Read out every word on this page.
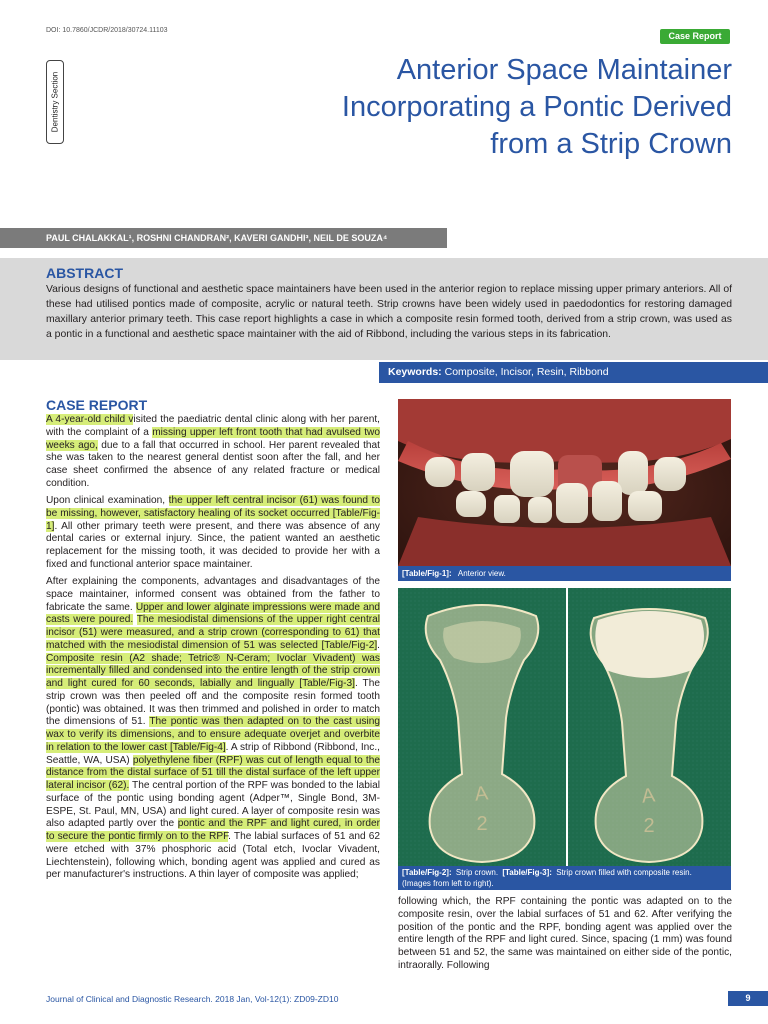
DOI: 10.7860/JCDR/2018/30724.11103
Case Report
Dentistry Section
Anterior Space Maintainer
Incorporating a Pontic Derived
from a Strip Crown
PAUL CHALAKKAL¹, ROSHNI CHANDRAN², KAVERI GANDHI³, NEIL DE SOUZA⁴
ABSTRACT
Various designs of functional and aesthetic space maintainers have been used in the anterior region to replace missing upper primary anteriors. All of these had utilised pontics made of composite, acrylic or natural teeth. Strip crowns have been widely used in paedodontics for restoring damaged maxillary anterior primary teeth. This case report highlights a case in which a composite resin formed tooth, derived from a strip crown, was used as a pontic in a functional and aesthetic space maintainer with the aid of Ribbond, including the various steps in its fabrication.
Keywords: Composite, Incisor, Resin, Ribbond
CASE REPORT

A 4-year-old child visited the paediatric dental clinic along with her parent, with the complaint of a missing upper left front tooth that had avulsed two weeks ago, due to a fall that occurred in school. Her parent revealed that she was taken to the nearest general dentist soon after the fall, and her case sheet confirmed the absence of any related fracture or medical condition.

Upon clinical examination, the upper left central incisor (61) was found to be missing, however, satisfactory healing of its socket occurred [Table/Fig-1]. All other primary teeth were present, and there was absence of any dental caries or external injury. Since, the patient wanted an aesthetic replacement for the missing tooth, it was decided to provide her with a fixed and functional anterior space maintainer.

After explaining the components, advantages and disadvantages of the space maintainer, informed consent was obtained from the father to fabricate the same. Upper and lower alginate impressions were made and casts were poured. The mesiodistal dimensions of the upper right central incisor (51) were measured, and a strip crown (corresponding to 61) that matched with the mesiodistal dimension of 51 was selected [Table/Fig-2]. Composite resin (A2 shade; Tetric® N-Ceram; Ivoclar Vivadent) was incrementally filled and condensed into the entire length of the strip crown and light cured for 60 seconds, labially and lingually [Table/Fig-3]. The strip crown was then peeled off and the composite resin formed tooth (pontic) was obtained. It was then trimmed and polished in order to match the dimensions of 51. The pontic was then adapted on to the cast using wax to verify its dimensions, and to ensure adequate overjet and overbite in relation to the lower cast [Table/Fig-4]. A strip of Ribbond (Ribbond, Inc., Seattle, WA, USA) polyethylene fiber (RPF) was cut of length equal to the distance from the distal surface of 51 till the distal surface of the left upper lateral incisor (62). The central portion of the RPF was bonded to the labial surface of the pontic using bonding agent (Adper™, Single Bond, 3M-ESPE, St. Paul, MN, USA) and light cured. A layer of composite resin was also adapted partly over the pontic and the RPF and light cured, in order to secure the pontic firmly on to the RPF. The labial surfaces of 51 and 62 were etched with 37% phosphoric acid (Total etch, Ivoclar Vivadent, Liechtenstein), following which, bonding agent was applied and cured as per manufacturer's instructions. A thin layer of composite was applied;

[Table/Fig-1]: Anterior view.
A
2
A
2
[Table/Fig-2]: Strip crown. [Table/Fig-3]: Strip crown filled with composite resin.
(Images from left to right).
following which, the RPF containing the pontic was adapted on to the composite resin, over the labial surfaces of 51 and 62. After verifying the position of the pontic and the RPF, bonding agent was applied over the entire length of the RPF and light cured. Since, spacing (1 mm) was found between 51 and 52, the same was maintained on either side of the pontic, intraorally. Following
Journal of Clinical and Diagnostic Research. 2018 Jan, Vol-12(1): ZD09-ZD10	9
